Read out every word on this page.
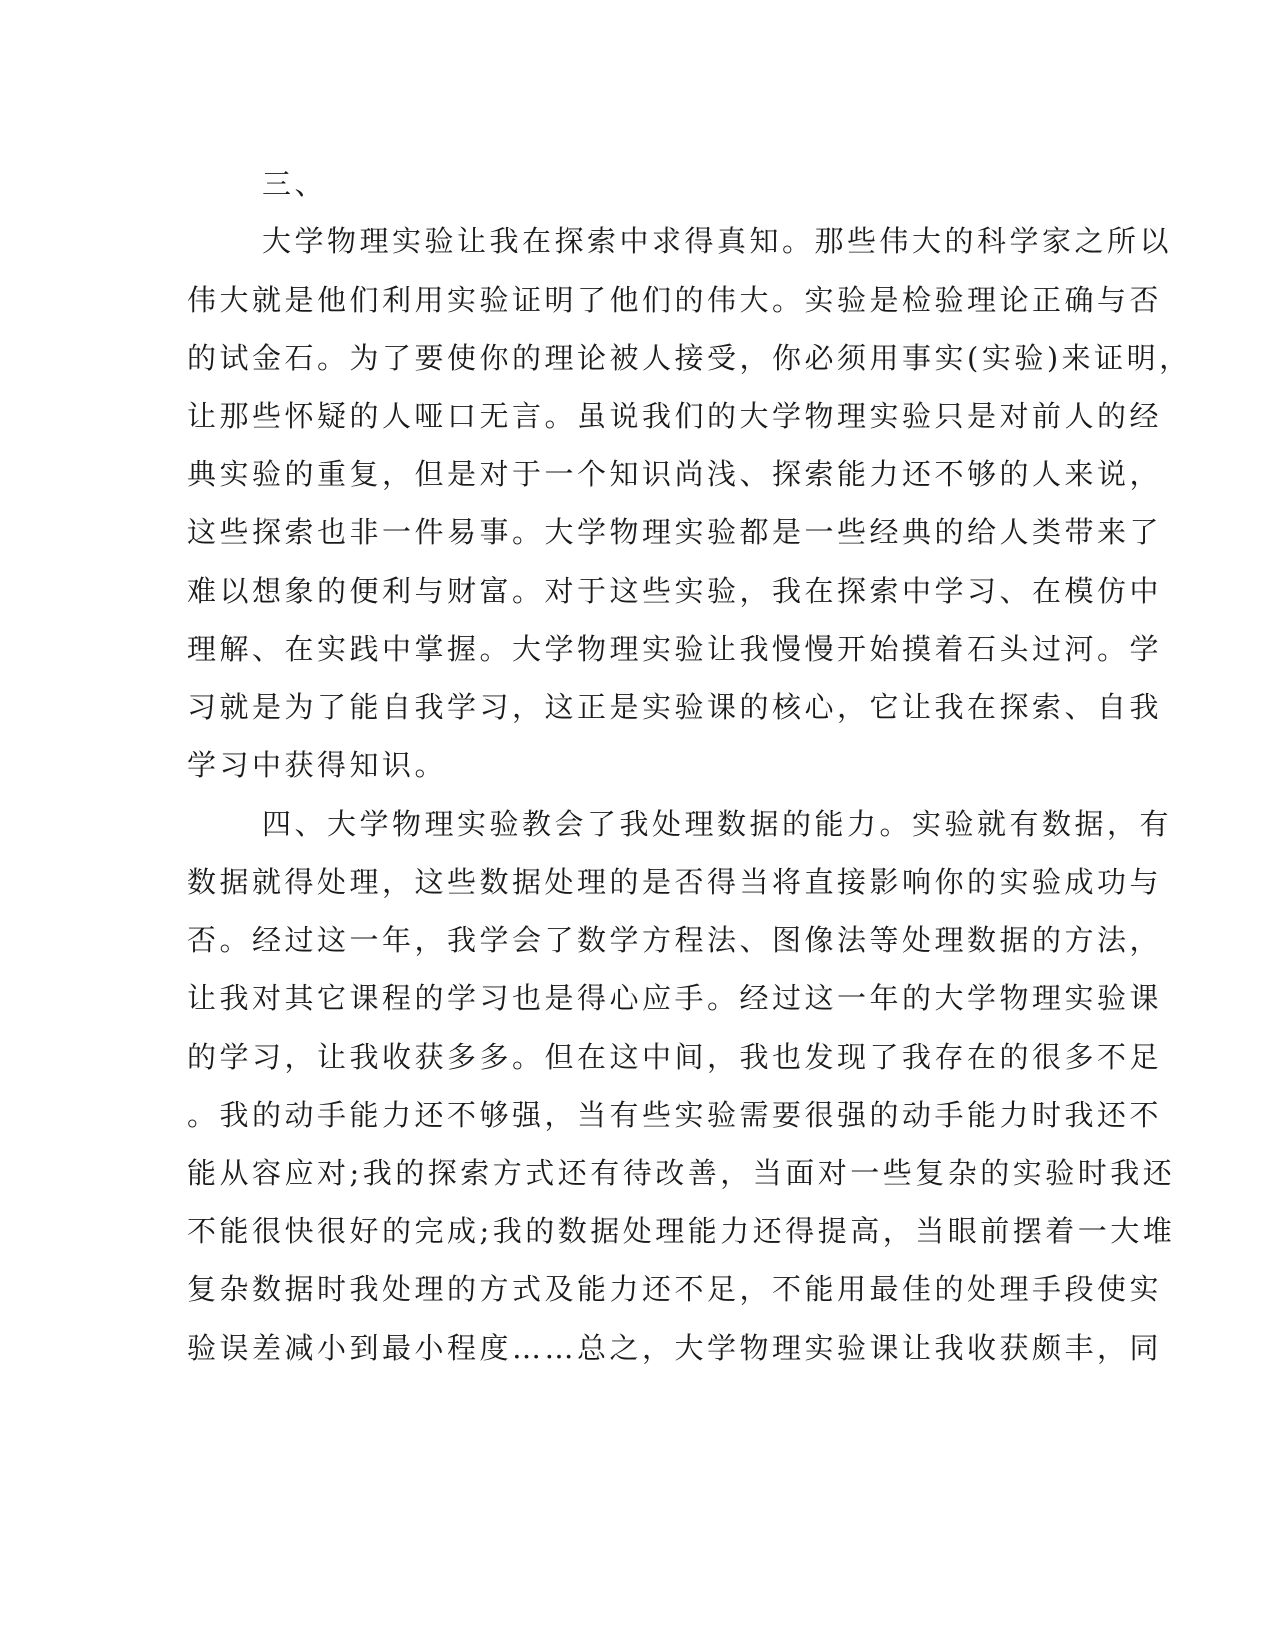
三、

大学物理实验让我在探索中求得真知。那些伟大的科学家之所以

伟大就是他们利用实验证明了他们的伟大。实验是检验理论正确与否

的试金石。为了要使你的理论被人接受，你必须用事实(实验)来证明，

让那些怀疑的人哑口无言。虽说我们的大学物理实验只是对前人的经

典实验的重复，但是对于一个知识尚浅、探索能力还不够的人来说，

这些探索也非一件易事。大学物理实验都是一些经典的给人类带来了

难以想象的便利与财富。对于这些实验，我在探索中学习、在模仿中

理解、在实践中掌握。大学物理实验让我慢慢开始摸着石头过河。学

习就是为了能自我学习，这正是实验课的核心，它让我在探索、自我

学习中获得知识。

四、大学物理实验教会了我处理数据的能力。实验就有数据，有

数据就得处理，这些数据处理的是否得当将直接影响你的实验成功与

否。经过这一年，我学会了数学方程法、图像法等处理数据的方法，

让我对其它课程的学习也是得心应手。经过这一年的大学物理实验课

的学习，让我收获多多。但在这中间，我也发现了我存在的很多不足

。我的动手能力还不够强，当有些实验需要很强的动手能力时我还不

能从容应对;我的探索方式还有待改善，当面对一些复杂的实验时我还

不能很快很好的完成;我的数据处理能力还得提高，当眼前摆着一大堆

复杂数据时我处理的方式及能力还不足，不能用最佳的处理手段使实

验误差减小到最小程度……总之，大学物理实验课让我收获颇丰，同
